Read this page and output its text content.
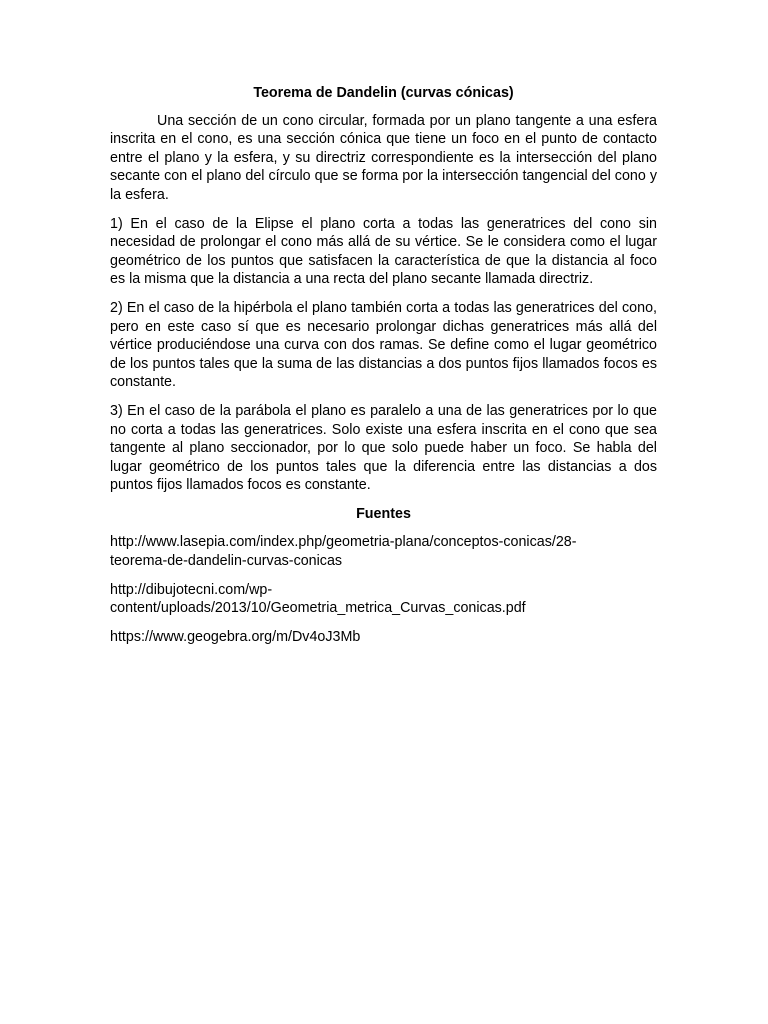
Teorema de Dandelin (curvas cónicas)

Una sección de un cono circular, formada por un plano tangente a una esfera inscrita en el cono, es una sección cónica que tiene un foco en el punto de contacto entre el plano y la esfera, y su directriz correspondiente es la intersección del plano secante con el plano del círculo que se forma por la intersección tangencial del cono y la esfera.

1) En el caso de la Elipse el plano corta a todas las generatrices del cono sin necesidad de prolongar el cono más allá de su vértice. Se le considera como el lugar geométrico de los puntos que satisfacen la característica de que la distancia al foco es la misma que la distancia a una recta del plano secante llamada directriz.

2) En el caso de la hipérbola el plano también corta a todas las generatrices del cono, pero en este caso sí que es necesario prolongar dichas generatrices más allá del vértice produciéndose una curva con dos ramas. Se define como el lugar geométrico de los puntos tales que la suma de las distancias a dos puntos fijos llamados focos es constante.

3) En el caso de la parábola el plano es paralelo a una de las generatrices por lo que no corta a todas las generatrices. Solo existe una esfera inscrita en el cono que sea tangente al plano seccionador, por lo que solo puede haber un foco. Se habla del lugar geométrico de los puntos tales que la diferencia entre las distancias a dos puntos fijos llamados focos es constante.

Fuentes
http://www.lasepia.com/index.php/geometria-plana/conceptos-conicas/28-
teorema-de-dandelin-curvas-conicas
http://dibujotecni.com/wp-
content/uploads/2013/10/Geometria_metrica_Curvas_conicas.pdf
https://www.geogebra.org/m/Dv4oJ3Mb
